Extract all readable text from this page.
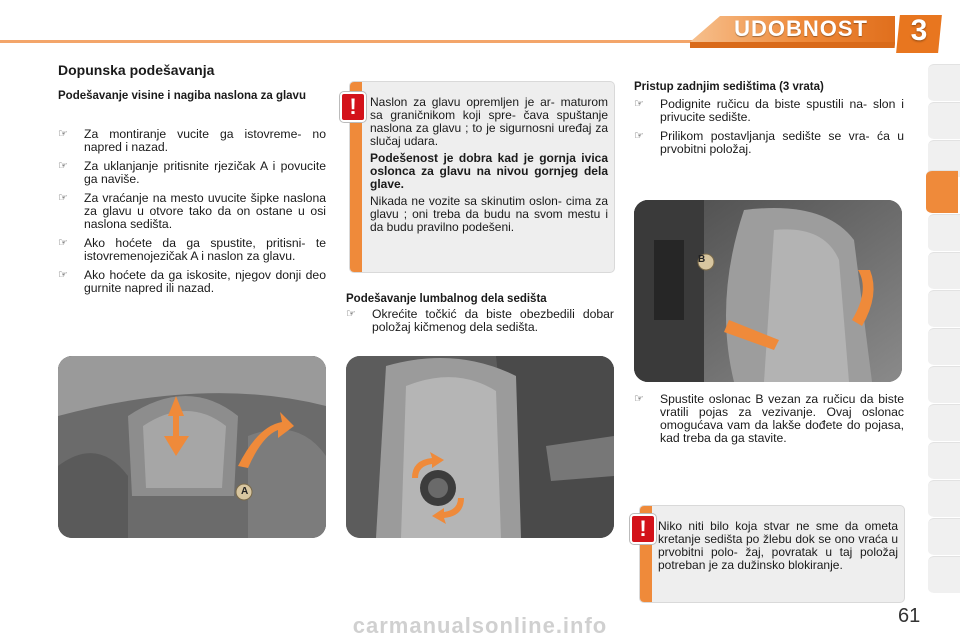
UDOBNOST	3
Dopunska podešavanja
Podešavanje visine i nagiba naslona za glavu
☞ Za montiranje vucite ga istovreme- no napred i nazad.
☞ Za uklanjanje pritisnite rjezičak A i povucite ga naviše.
☞ Za vraćanje na mesto uvucite šipke naslona za glavu u otvore tako da on ostane u osi naslona sedišta.
☞ Ako hoćete da ga spustite, pritisni- te istovremenojezičak A i naslon za glavu.
☞ Ako hoćete da ga iskosite, njegov donji deo gurnite napred ili nazad.
!	Naslon za glavu opremljen je ar- maturom sa graničnikom koji spre- čava spuštanje naslona za glavu ; to je sigurnosni uređaj za slučaj udara.
Podešenost je dobra kad je gornja ivica oslonca za glavu na nivou gornjeg dela glave.
Nikada ne vozite sa skinutim oslon- cima za glavu ; oni treba da budu na svom mestu i da budu pravilno podešeni.
Podešavanje lumbalnog dela sedišta
☞ Okrećite točkić da biste obezbedili dobar položaj kičmenog dela sedišta.
Pristup zadnjim sedištima (3 vrata)
☞ Podignite ručicu da biste spustili na- slon i privucite sedište.
☞ Prilikom postavljanja sedište se vra- ća u prvobitni položaj.
B
☞ Spustite oslonac B vezan za ručicu da biste vratili pojas za vezivanje. Ovaj oslonac omogućava vam da lakše dođete do pojasa, kad treba da ga stavite.
! Niko niti bilo koja stvar ne sme da ometa kretanje sedišta po žlebu dok se ono vraća u prvobitni polo- žaj, povratak u taj položaj potreban je za dužinsko blokiranje.
A
61
carmanualsonline.info
